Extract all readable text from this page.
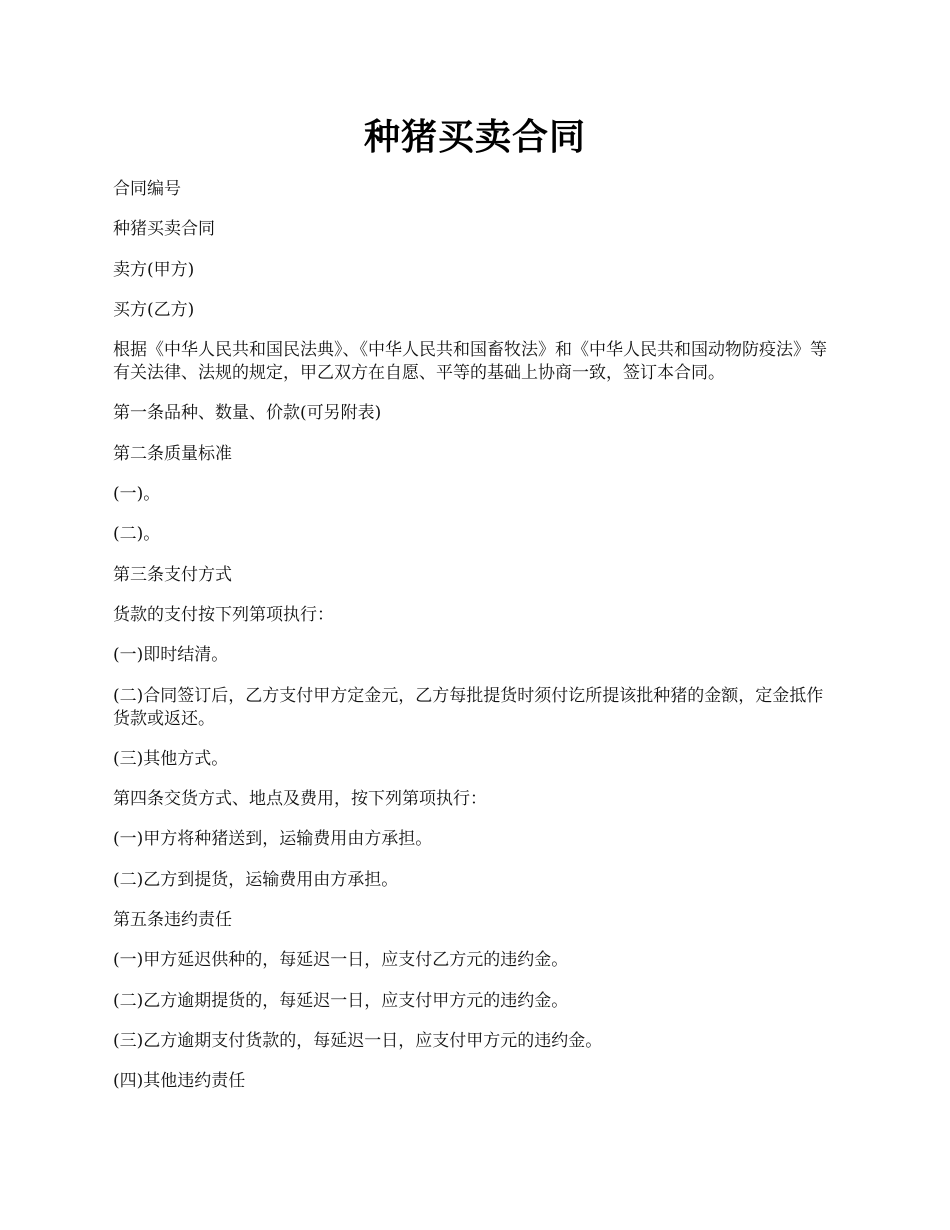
种猪买卖合同

合同编号

种猪买卖合同

卖方(甲方)

买方(乙方)

根据《中华人民共和国民法典》、《中华人民共和国畜牧法》和《中华人民共和国动物防疫法》等有关法律、法规的规定，甲乙双方在自愿、平等的基础上协商一致，签订本合同。

第一条品种、数量、价款(可另附表)

第二条质量标准

(一)。

(二)。

第三条支付方式

货款的支付按下列第项执行：

(一)即时结清。

(二)合同签订后，乙方支付甲方定金元，乙方每批提货时须付讫所提该批种猪的金额，定金抵作货款或返还。

(三)其他方式。

第四条交货方式、地点及费用，按下列第项执行：

(一)甲方将种猪送到，运输费用由方承担。

(二)乙方到提货，运输费用由方承担。

第五条违约责任

(一)甲方延迟供种的，每延迟一日，应支付乙方元的违约金。

(二)乙方逾期提货的，每延迟一日，应支付甲方元的违约金。

(三)乙方逾期支付货款的，每延迟一日，应支付甲方元的违约金。

(四)其他违约责任
